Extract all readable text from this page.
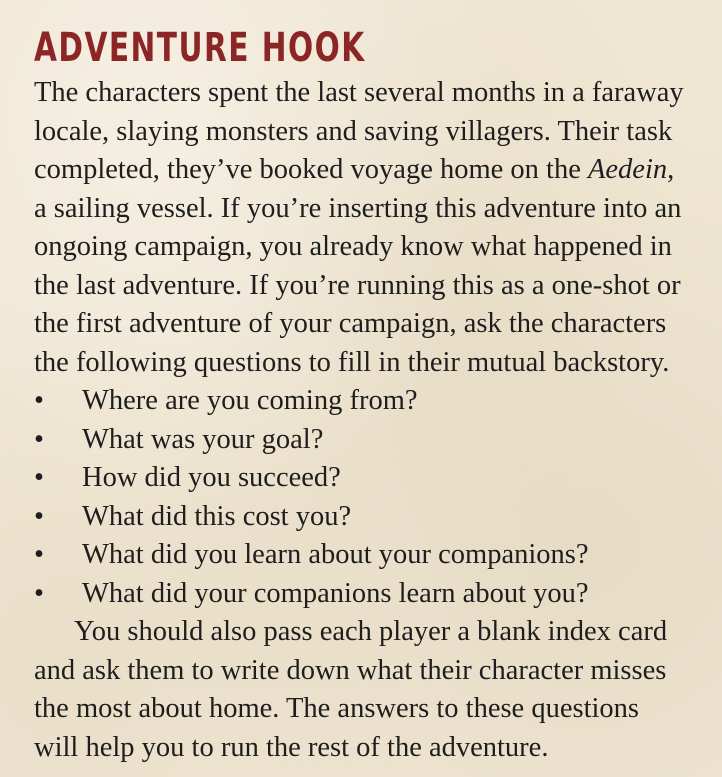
ADVENTURE HOOK

The characters spent the last several months in a faraway
locale, slaying monsters and saving villagers. Their task
completed, they’ve booked voyage home on the Aedein,
a sailing vessel. If you’re inserting this adventure into an
ongoing campaign, you already know what happened in
the last adventure. If you’re running this as a one-shot or
the first adventure of your campaign, ask the characters
the following questions to fill in their mutual backstory.

• Where are you coming from?
• What was your goal?
• How did you succeed?
• What did this cost you?
• What did you learn about your companions?
• What did your companions learn about you?

You should also pass each player a blank index card
and ask them to write down what their character misses
the most about home. The answers to these questions
will help you to run the rest of the adventure.
